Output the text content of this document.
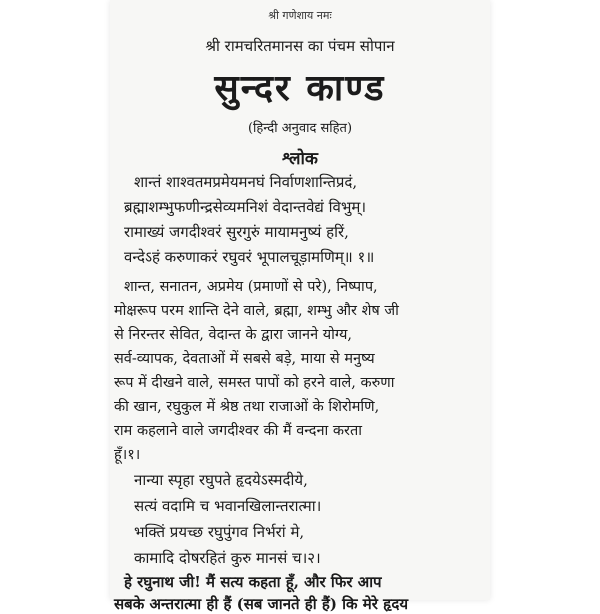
श्री गणेशाय नमः
श्री रामचरितमानस का पंचम सोपान
सुन्दर काण्ड
(हिन्दी अनुवाद सहित)
श्लोक
शान्तं शाश्वतमप्रमेयमनघं निर्वाणशान्तिप्रदं,
ब्रह्माशम्भुफणीन्द्रसेव्यमनिशं वेदान्तवेद्यं विभुम्।
रामाख्यं जगदीश्वरं सुरगुरुं मायामनुष्यं हरिं,
वन्देऽहं करुणाकरं रघुवरं भूपालचूड़ामणिम्॥ १॥
शान्त, सनातन, अप्रमेय (प्रमाणों से परे), निष्पाप,
मोक्षरूप परम शान्ति देने वाले, ब्रह्मा, शम्भु और शेष जी
से निरन्तर सेवित, वेदान्त के द्वारा जानने योग्य,
सर्व-व्यापक, देवताओं में सबसे बड़े, माया से मनुष्य
रूप में दीखने वाले, समस्त पापों को हरने वाले, करुणा
की खान, रघुकुल में श्रेष्ठ तथा राजाओं के शिरोमणि,
राम कहलाने वाले जगदीश्वर की मैं वन्दना करता
हूँ।१।
नान्या स्पृहा रघुपते हृदयेऽस्मदीये,
सत्यं वदामि च भवानखिलान्तरात्मा।
भक्तिं प्रयच्छ रघुपुंगव निर्भरां मे,
कामादि दोषरहितं कुरु मानसं च।२।
हे रघुनाथ जी! मैं सत्य कहता हूँ, और फिर आप
सबके अन्तरात्मा ही हैं (सब जानते ही हैं) कि मेरे हृदय
